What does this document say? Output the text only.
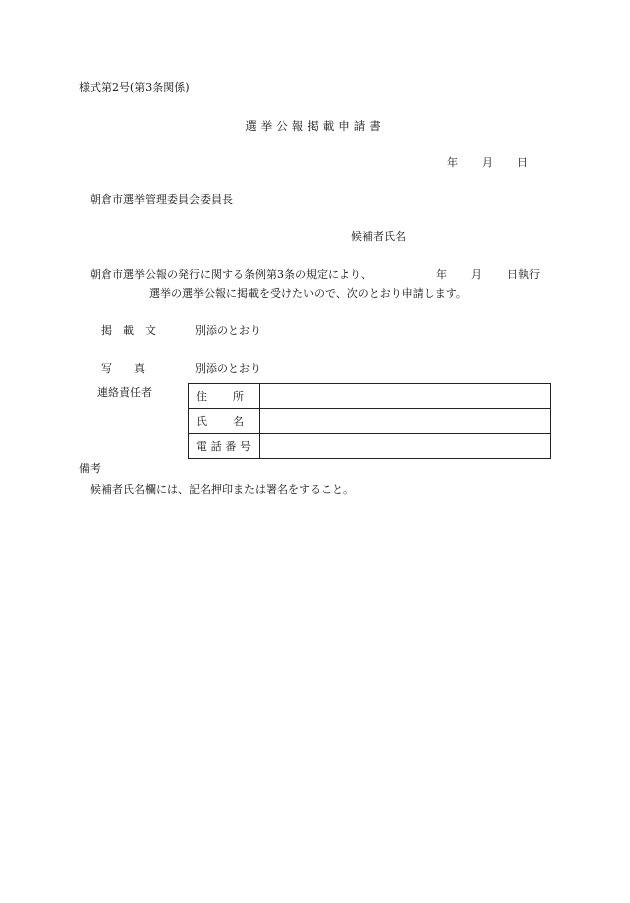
様式第2号(第3条関係)
選挙公報掲載申請書
年 月 日
朝倉市選挙管理委員会委員長
候補者氏名
朝倉市選挙公報の発行に関する条例第3条の規定により、	年 月 日執行
選挙の選挙公報に掲載を受けたいので、次のとおり申請します。
掲載文	別添のとおり
写　　真	別添のとおり
連絡責任者	住 所	

氏 名	

電 話 番 号	

備考
候補者氏名欄には、記名押印または署名をすること。
